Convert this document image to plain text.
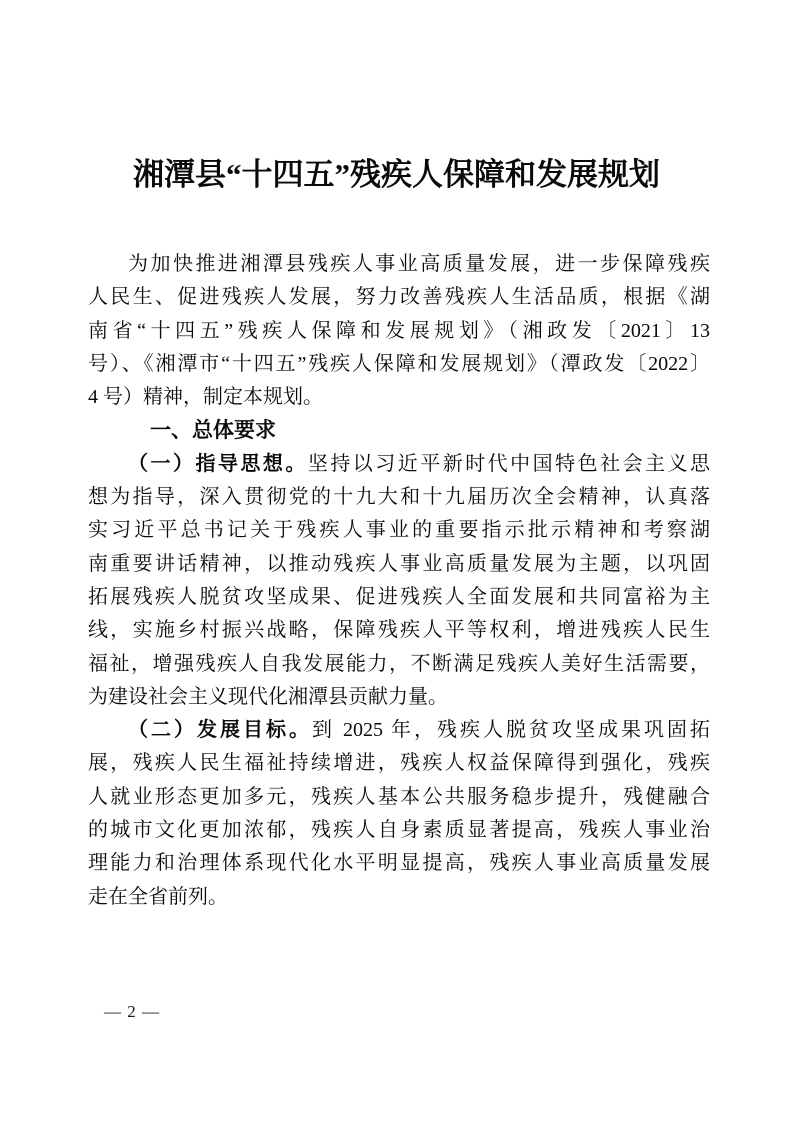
湘潭县“十四五”残疾人保障和发展规划
为加快推进湘潭县残疾人事业高质量发展，进一步保障残疾
人民生、促进残疾人发展，努力改善残疾人生活品质，根据《湖
南省“十四五”残疾人保障和发展规划》（湘政发〔2021〕13
号）、《湘潭市“十四五”残疾人保障和发展规划》（潭政发〔2022〕
4 号）精神，制定本规划。
一、总体要求
（一）指导思想。坚持以习近平新时代中国特色社会主义思
想为指导，深入贯彻党的十九大和十九届历次全会精神，认真落
实习近平总书记关于残疾人事业的重要指示批示精神和考察湖
南重要讲话精神，以推动残疾人事业高质量发展为主题，以巩固
拓展残疾人脱贫攻坚成果、促进残疾人全面发展和共同富裕为主
线，实施乡村振兴战略，保障残疾人平等权利，增进残疾人民生
福祉，增强残疾人自我发展能力，不断满足残疾人美好生活需要，
为建设社会主义现代化湘潭县贡献力量。
（二）发展目标。到 2025 年，残疾人脱贫攻坚成果巩固拓
展，残疾人民生福祉持续增进，残疾人权益保障得到强化，残疾
人就业形态更加多元，残疾人基本公共服务稳步提升，残健融合
的城市文化更加浓郁，残疾人自身素质显著提高，残疾人事业治
理能力和治理体系现代化水平明显提高，残疾人事业高质量发展
走在全省前列。
— 2 —
